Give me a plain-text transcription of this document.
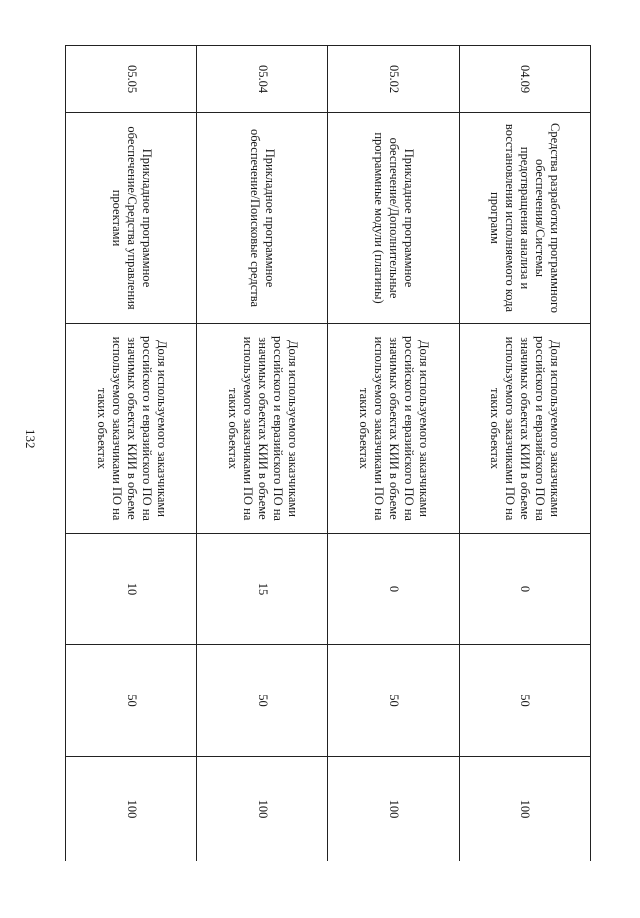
132
04.09	Средства разработки программного обеспечения/Системы предотвращения анализа и восстановления исполняемого кода программ	Доля используемого заказчиками российского и евразийского ПО на значимых объектах КИИ в объеме используемого заказчиками ПО на таких объектах	0	50	100
05.02	Прикладное программное обеспечение/Дополнительные программные модули (плагины)	Доля используемого заказчиками российского и евразийского ПО на значимых объектах КИИ в объеме используемого заказчиками ПО на таких объектах	0	50	100
05.04	Прикладное программное обеспечение/Поисковые средства	Доля используемого заказчиками российского и евразийского ПО на значимых объектах КИИ в объеме используемого заказчиками ПО на таких объектах	15	50	100
05.05	Прикладное программное обеспечение/Средства управления проектами	Доля используемого заказчиками российского и евразийского ПО на значимых объектах КИИ в объеме используемого заказчиками ПО на таких объектах	10	50	100
